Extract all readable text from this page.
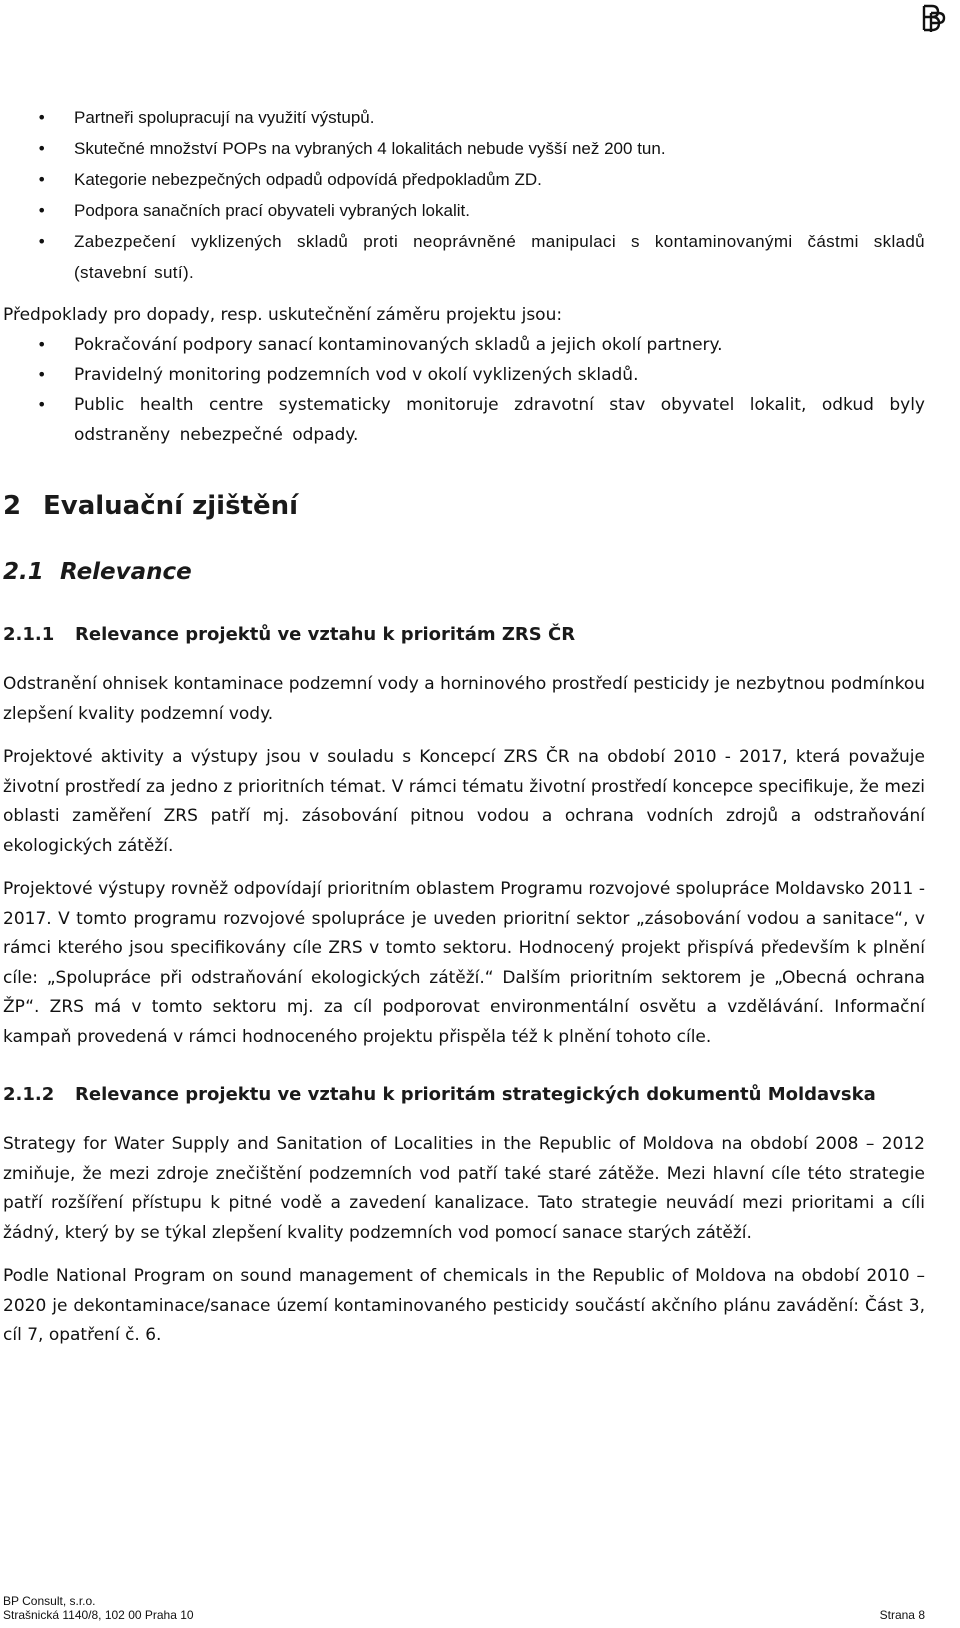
• Partneři spolupracují na využití výstupů.
• Skutečné množství POPs na vybraných 4 lokalitách nebude vyšší než 200 tun.
• Kategorie nebezpečných odpadů odpovídá předpokladům ZD.
• Podpora sanačních prací obyvateli vybraných lokalit.
• Zabezpečení vyklizených skladů proti neoprávněné manipulaci s kontaminovanými částmi skladů (stavební sutí).

Předpoklady pro dopady, resp. uskutečnění záměru projektu jsou:

• Pokračování podpory sanací kontaminovaných skladů a jejich okolí partnery.
• Pravidelný monitoring podzemních vod v okolí vyklizených skladů.
• Public health centre systematicky monitoruje zdravotní stav obyvatel lokalit, odkud byly odstraněny nebezpečné odpady.
2 Evaluační zjištění
2.1 Relevance
2.1.1 Relevance projektů ve vztahu k prioritám ZRS ČR

Odstranění ohnisek kontaminace podzemní vody a horninového prostředí pesticidy je nezbytnou podmínkou zlepšení kvality podzemní vody.

Projektové aktivity a výstupy jsou v souladu s Koncepcí ZRS ČR na období 2010 - 2017, která považuje životní prostředí za jedno z prioritních témat. V rámci tématu životní prostředí koncepce specifikuje, že mezi oblasti zaměření ZRS patří mj. zásobování pitnou vodou a ochrana vodních zdrojů a odstraňování ekologických zátěží.

Projektové výstupy rovněž odpovídají prioritním oblastem Programu rozvojové spolupráce Moldavsko 2011 - 2017. V tomto programu rozvojové spolupráce je uveden prioritní sektor „zásobování vodou a sanitace“, v rámci kterého jsou specifikovány cíle ZRS v tomto sektoru. Hodnocený projekt přispívá především k plnění cíle: „Spolupráce při odstraňování ekologických zátěží.“ Dalším prioritním sektorem je „Obecná ochrana ŽP“. ZRS má v tomto sektoru mj. za cíl podporovat environmentální osvětu a vzdělávání. Informační kampaň provedená v rámci hodnoceného projektu přispěla též k plnění tohoto cíle.

2.1.2 Relevance projektu ve vztahu k prioritám strategických dokumentů Moldavska

Strategy for Water Supply and Sanitation of Localities in the Republic of Moldova na období 2008 – 2012 zmiňuje, že mezi zdroje znečištění podzemních vod patří také staré zátěže. Mezi hlavní cíle této strategie patří rozšíření přístupu k pitné vodě a zavedení kanalizace. Tato strategie neuvádí mezi prioritami a cíli žádný, který by se týkal zlepšení kvality podzemních vod pomocí sanace starých zátěží.

Podle National Program on sound management of chemicals in the Republic of Moldova na období 2010 – 2020 je dekontaminace/sanace území kontaminovaného pesticidy součástí akčního plánu zavádění: Část 3, cíl 7, opatření č. 6.

BP Consult, s.r.o.
Strašnická 1140/8, 102 00 Praha 10	Strana 8
